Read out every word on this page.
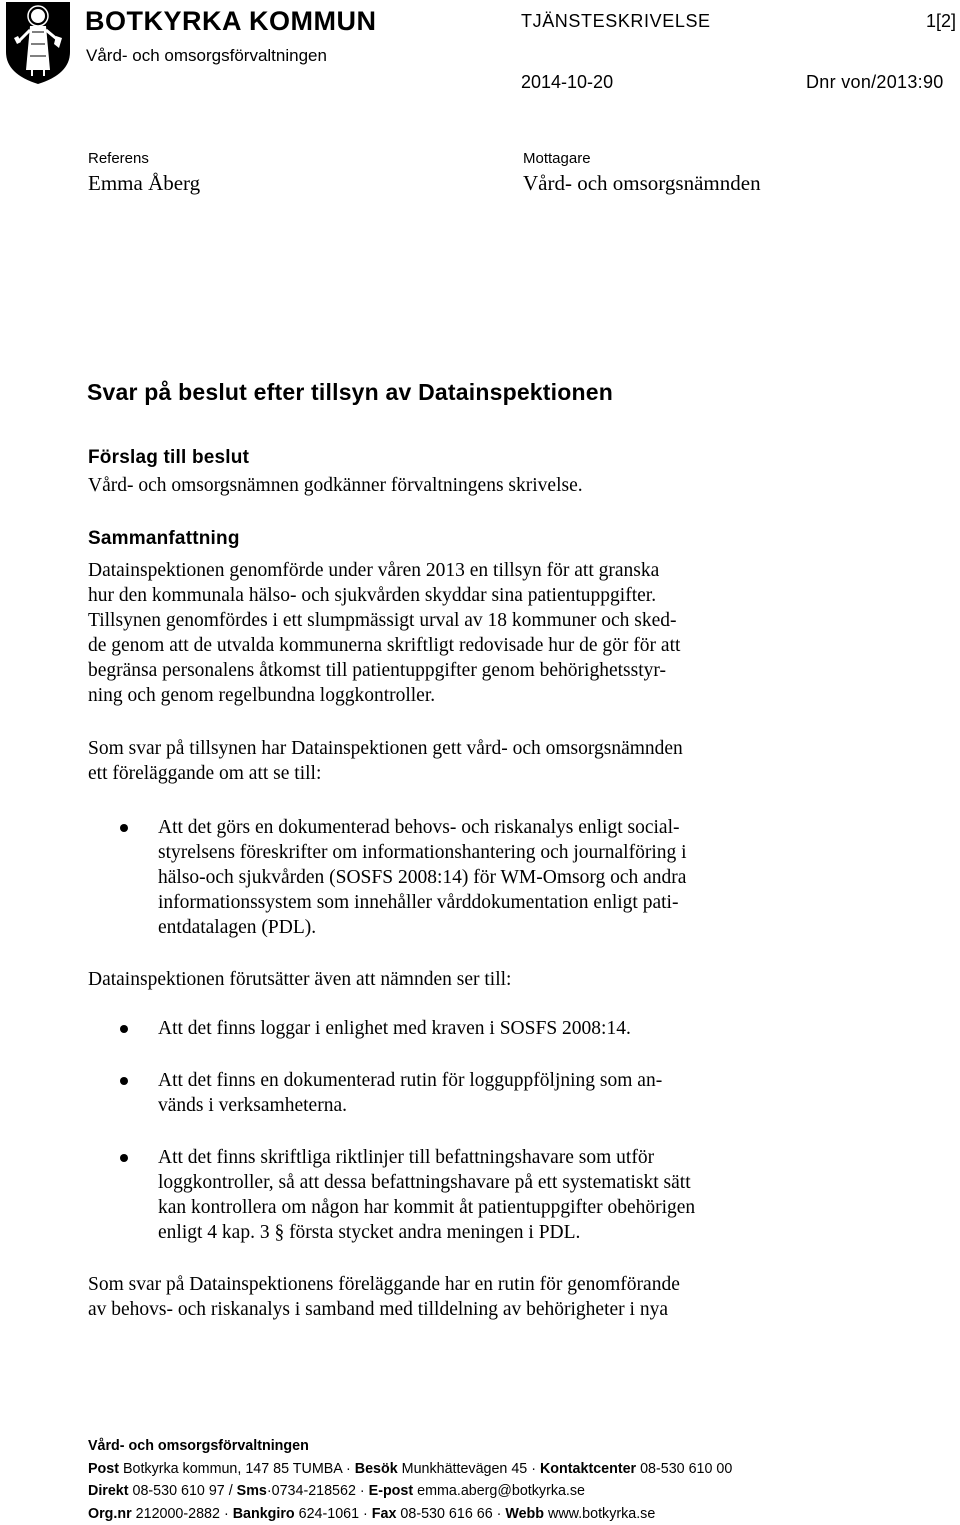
BOTKYRKA KOMMUN
Vård- och omsorgsförvaltningen
TJÄNSTESKRIVELSE	1[2]
2014-10-20	Dnr von/2013:90
Referens
Emma Åberg
Mottagare
Vård- och omsorgsnämnden
Svar på beslut efter tillsyn av Datainspektionen
Förslag till beslut
Vård- och omsorgsnämnen godkänner förvaltningens skrivelse.
Sammanfattning
Datainspektionen genomförde under våren 2013 en tillsyn för att granska
hur den kommunala hälso- och sjukvården skyddar sina patientuppgifter.
Tillsynen genomfördes i ett slumpmässigt urval av 18 kommuner och sked-
de genom att de utvalda kommunerna skriftligt redovisade hur de gör för att
begränsa personalens åtkomst till patientuppgifter genom behörighetsstyr-
ning och genom regelbundna loggkontroller.
Som svar på tillsynen har Datainspektionen gett vård- och omsorgsnämnden
ett föreläggande om att se till:
Att det görs en dokumenterad behovs- och riskanalys enligt social-
styrelsens föreskrifter om informationshantering och journalföring i
hälso-och sjukvården (SOSFS 2008:14) för WM-Omsorg och andra
informationssystem som innehåller vårddokumentation enligt pati-
entdatalagen (PDL).
Datainspektionen förutsätter även att nämnden ser till:
Att det finns loggar i enlighet med kraven i SOSFS 2008:14.
Att det finns en dokumenterad rutin för logguppföljning som an-
vänds i verksamheterna.
Att det finns skriftliga riktlinjer till befattningshavare som utför
loggkontroller, så att dessa befattningshavare på ett systematiskt sätt
kan kontrollera om någon har kommit åt patientuppgifter obehörigen
enligt 4 kap. 3 § första stycket andra meningen i PDL.
Som svar på Datainspektionens föreläggande har en rutin för genomförande
av behovs- och riskanalys i samband med tilldelning av behörigheter i nya
Vård- och omsorgsförvaltningen
Post Botkyrka kommun, 147 85 TUMBA · Besök Munkhättevägen 45 · Kontaktcenter 08-530 610 00
Direkt 08-530 610 97 / Sms·0734-218562 · E-post emma.aberg@botkyrka.se
Org.nr 212000-2882 · Bankgiro 624-1061 · Fax 08-530 616 66 · Webb www.botkyrka.se
